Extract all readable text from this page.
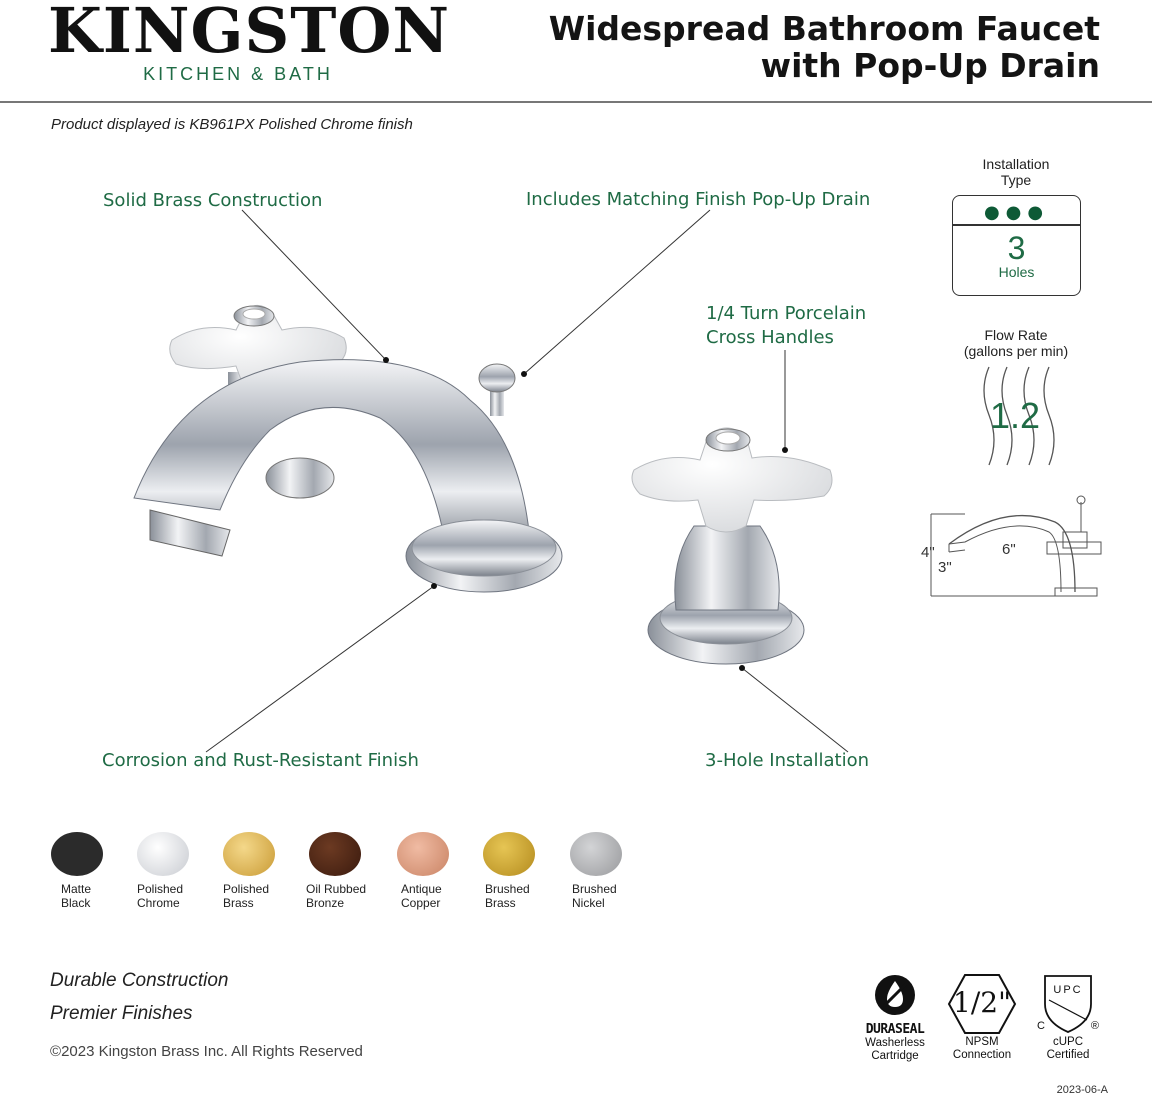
KINGSTON
KITCHEN & BATH
Widespread Bathroom Faucet
with Pop-Up Drain
Product displayed is KB961PX Polished Chrome finish
Solid Brass Construction	Includes Matching Finish Pop-Up Drain
1/4 Turn Porcelain
Cross Handles
Corrosion and Rust-Resistant Finish	3-Hole Installation
Installation
Type
●●●
3
Holes
Flow Rate
(gallons per min)
1.2
4"	6"
3"
Matte
Black
Polished
Chrome
Polished
Brass
Oil Rubbed
Bronze
Antique
Copper
Brushed
Brass
Brushed
Nickel
Durable Construction
Premier Finishes
©2023 Kingston Brass Inc. All Rights Reserved
DURASEAL
Washerless
Cartridge
1/2"
NPSM
Connection
UPC
C	®
cUPC
Certified
2023-06-A
